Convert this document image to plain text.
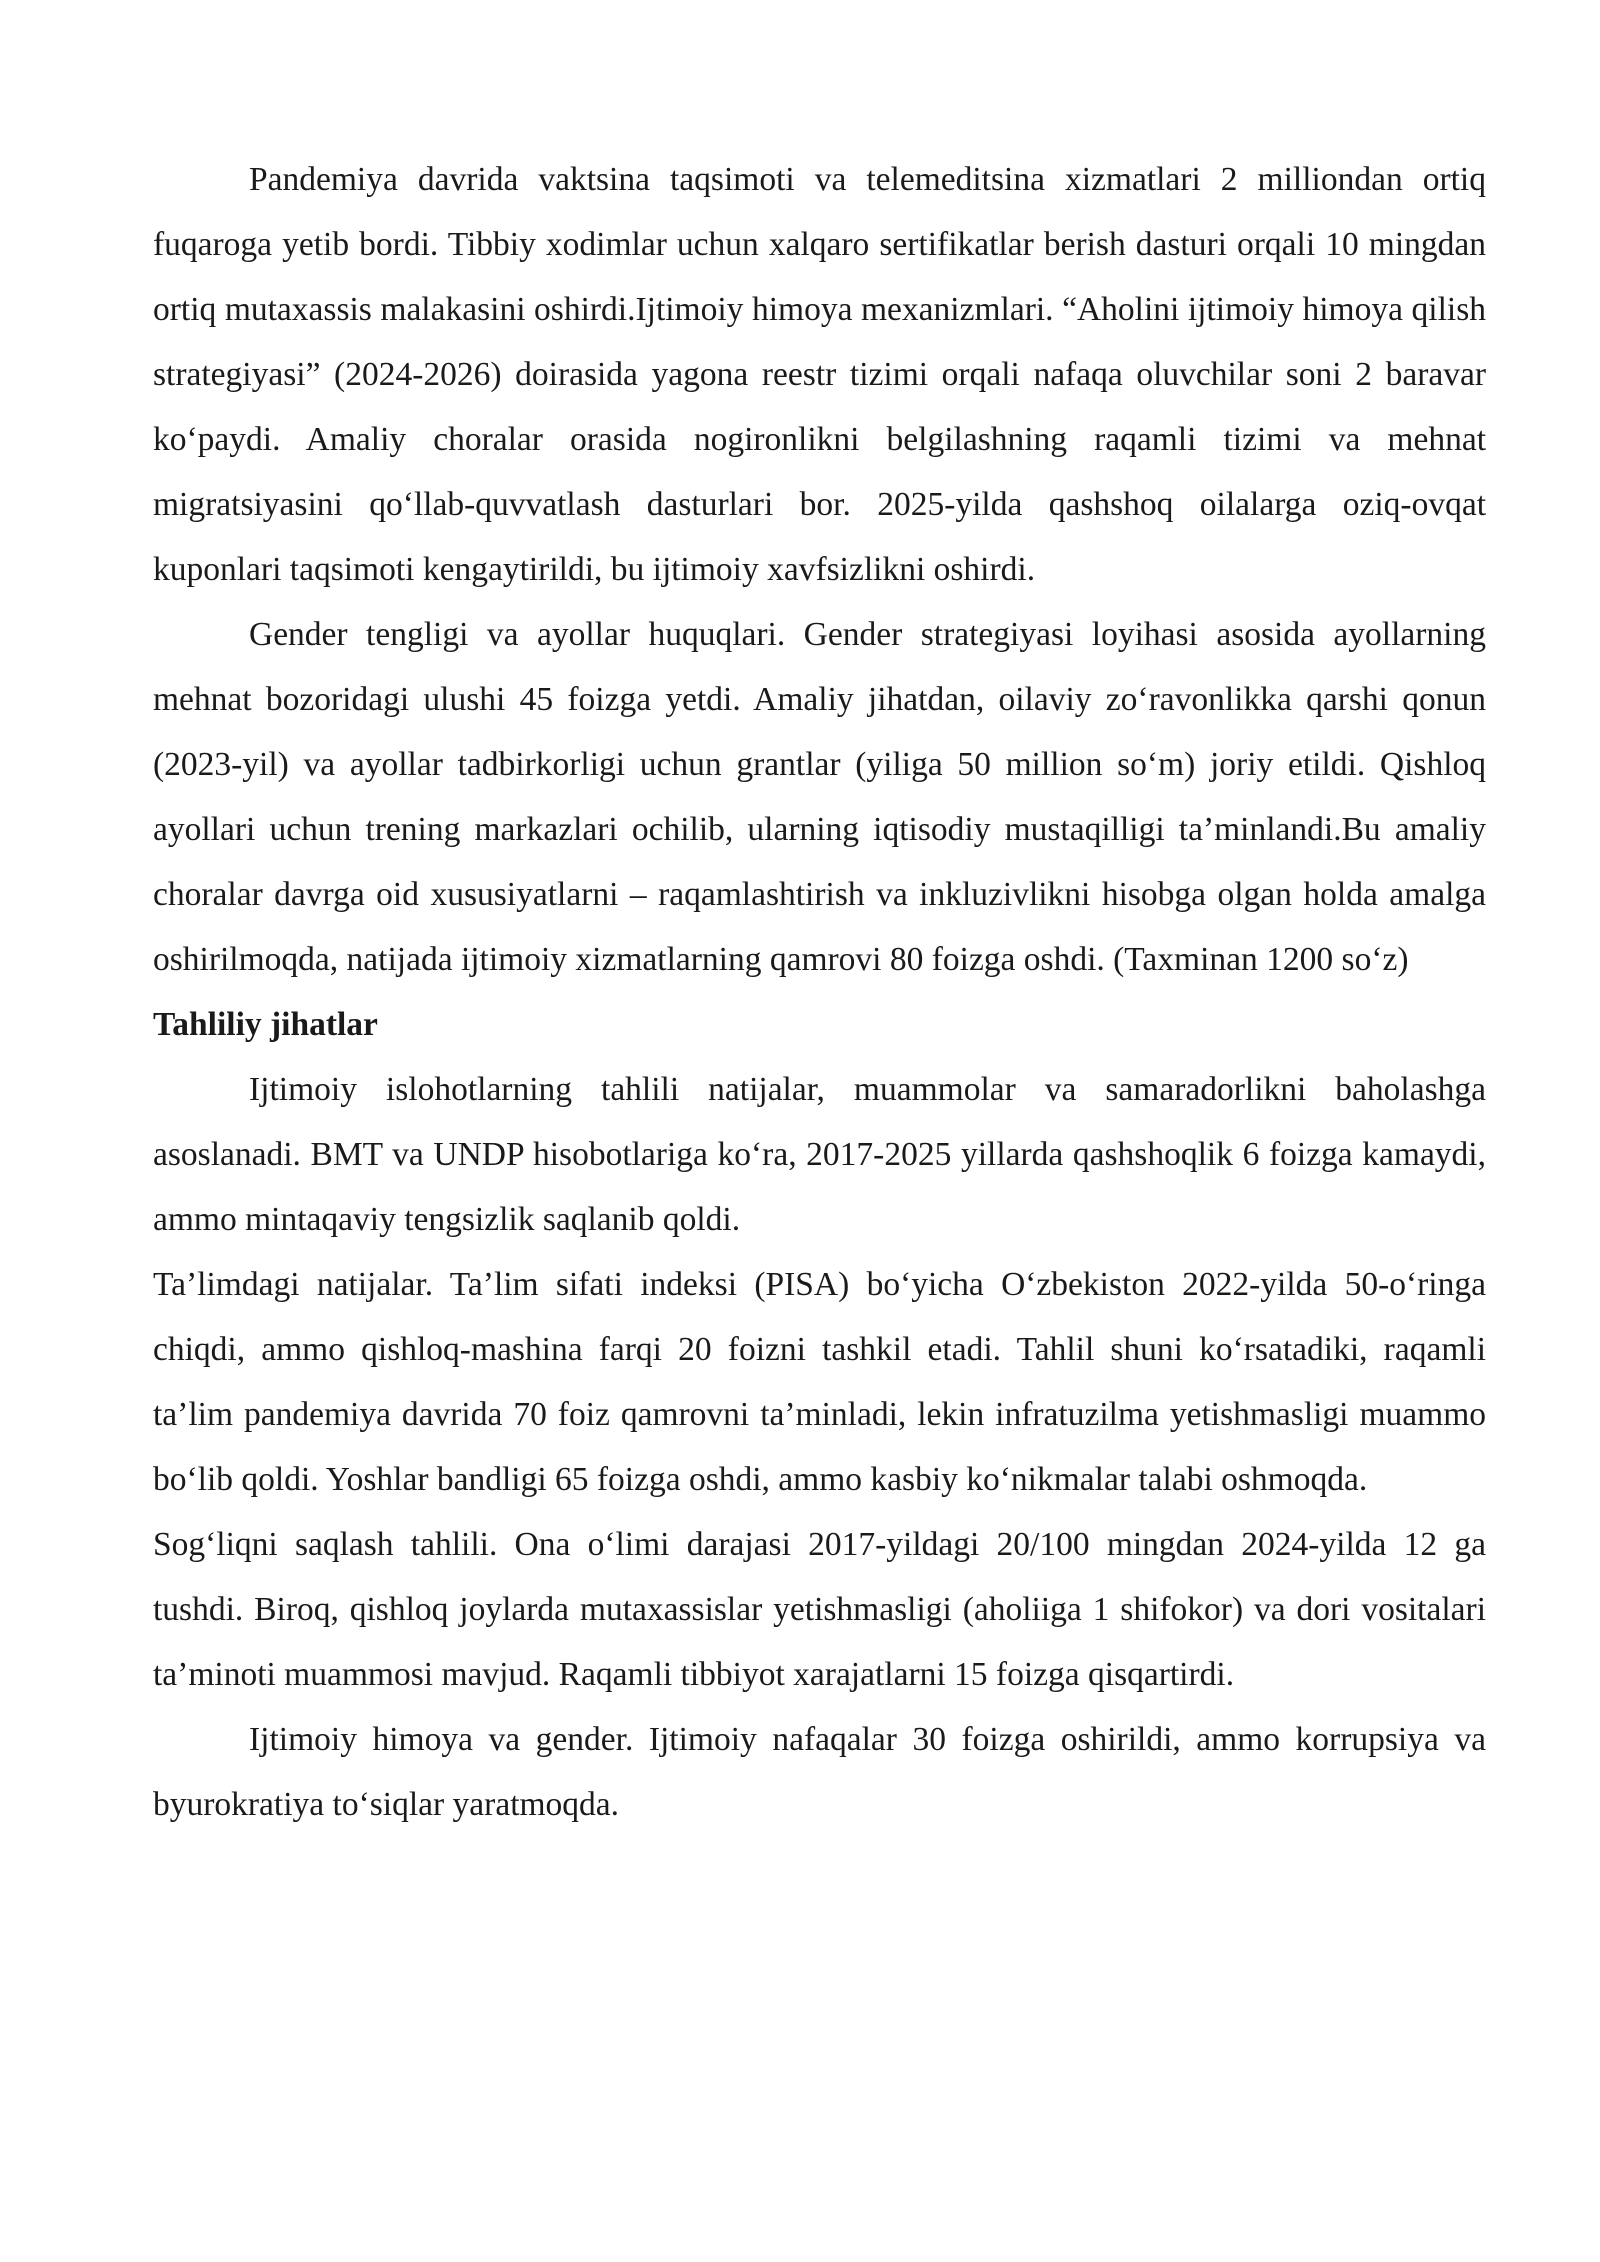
Pandemiya davrida vaktsina taqsimoti va telemeditsina xizmatlari 2 milliondan ortiq fuqaroga yetib bordi. Tibbiy xodimlar uchun xalqaro sertifikatlar berish dasturi orqali 10 mingdan ortiq mutaxassis malakasini oshirdi.Ijtimoiy himoya mexanizmlari. “Aholini ijtimoiy himoya qilish strategiyasi” (2024-2026) doirasida yagona reestr tizimi orqali nafaqa oluvchilar soni 2 baravar ko‘paydi. Amaliy choralar orasida nogironlikni belgilashning raqamli tizimi va mehnat migratsiyasini qo‘llab-quvvatlash dasturlari bor. 2025-yilda qashshoq oilalarga oziq-ovqat kuponlari taqsimoti kengaytirildi, bu ijtimoiy xavfsizlikni oshirdi.

Gender tengligi va ayollar huquqlari. Gender strategiyasi loyihasi asosida ayollarning mehnat bozoridagi ulushi 45 foizga yetdi. Amaliy jihatdan, oilaviy zo‘ravonlikka qarshi qonun (2023-yil) va ayollar tadbirkorligi uchun grantlar (yiliga 50 million so‘m) joriy etildi. Qishloq ayollari uchun trening markazlari ochilib, ularning iqtisodiy mustaqilligi ta’minlandi.Bu amaliy choralar davrga oid xususiyatlarni – raqamlashtirish va inkluzivlikni hisobga olgan holda amalga oshirilmoqda, natijada ijtimoiy xizmatlarning qamrovi 80 foizga oshdi. (Taxminan 1200 so‘z)

Tahliliy jihatlar

Ijtimoiy islohotlarning tahlili natijalar, muammolar va samaradorlikni baholashga asoslanadi. BMT va UNDP hisobotlariga ko‘ra, 2017-2025 yillarda qashshoqlik 6 foizga kamaydi, ammo mintaqaviy tengsizlik saqlanib qoldi.

Ta’limdagi natijalar. Ta’lim sifati indeksi (PISA) bo‘yicha O‘zbekiston 2022-yilda 50-o‘ringa chiqdi, ammo qishloq-mashina farqi 20 foizni tashkil etadi. Tahlil shuni ko‘rsatadiki, raqamli ta’lim pandemiya davrida 70 foiz qamrovni ta’minladi, lekin infratuzilma yetishmasligi muammo bo‘lib qoldi. Yoshlar bandligi 65 foizga oshdi, ammo kasbiy ko‘nikmalar talabi oshmoqda.

Sog‘liqni saqlash tahlili. Ona o‘limi darajasi 2017-yildagi 20/100 mingdan 2024-yilda 12 ga tushdi. Biroq, qishloq joylarda mutaxassislar yetishmasligi (aholiiga 1 shifokor) va dori vositalari ta’minoti muammosi mavjud. Raqamli tibbiyot xarajatlarni 15 foizga qisqartirdi.

Ijtimoiy himoya va gender. Ijtimoiy nafaqalar 30 foizga oshirildi, ammo korrupsiya va byurokratiya to‘siqlar yaratmoqda.
